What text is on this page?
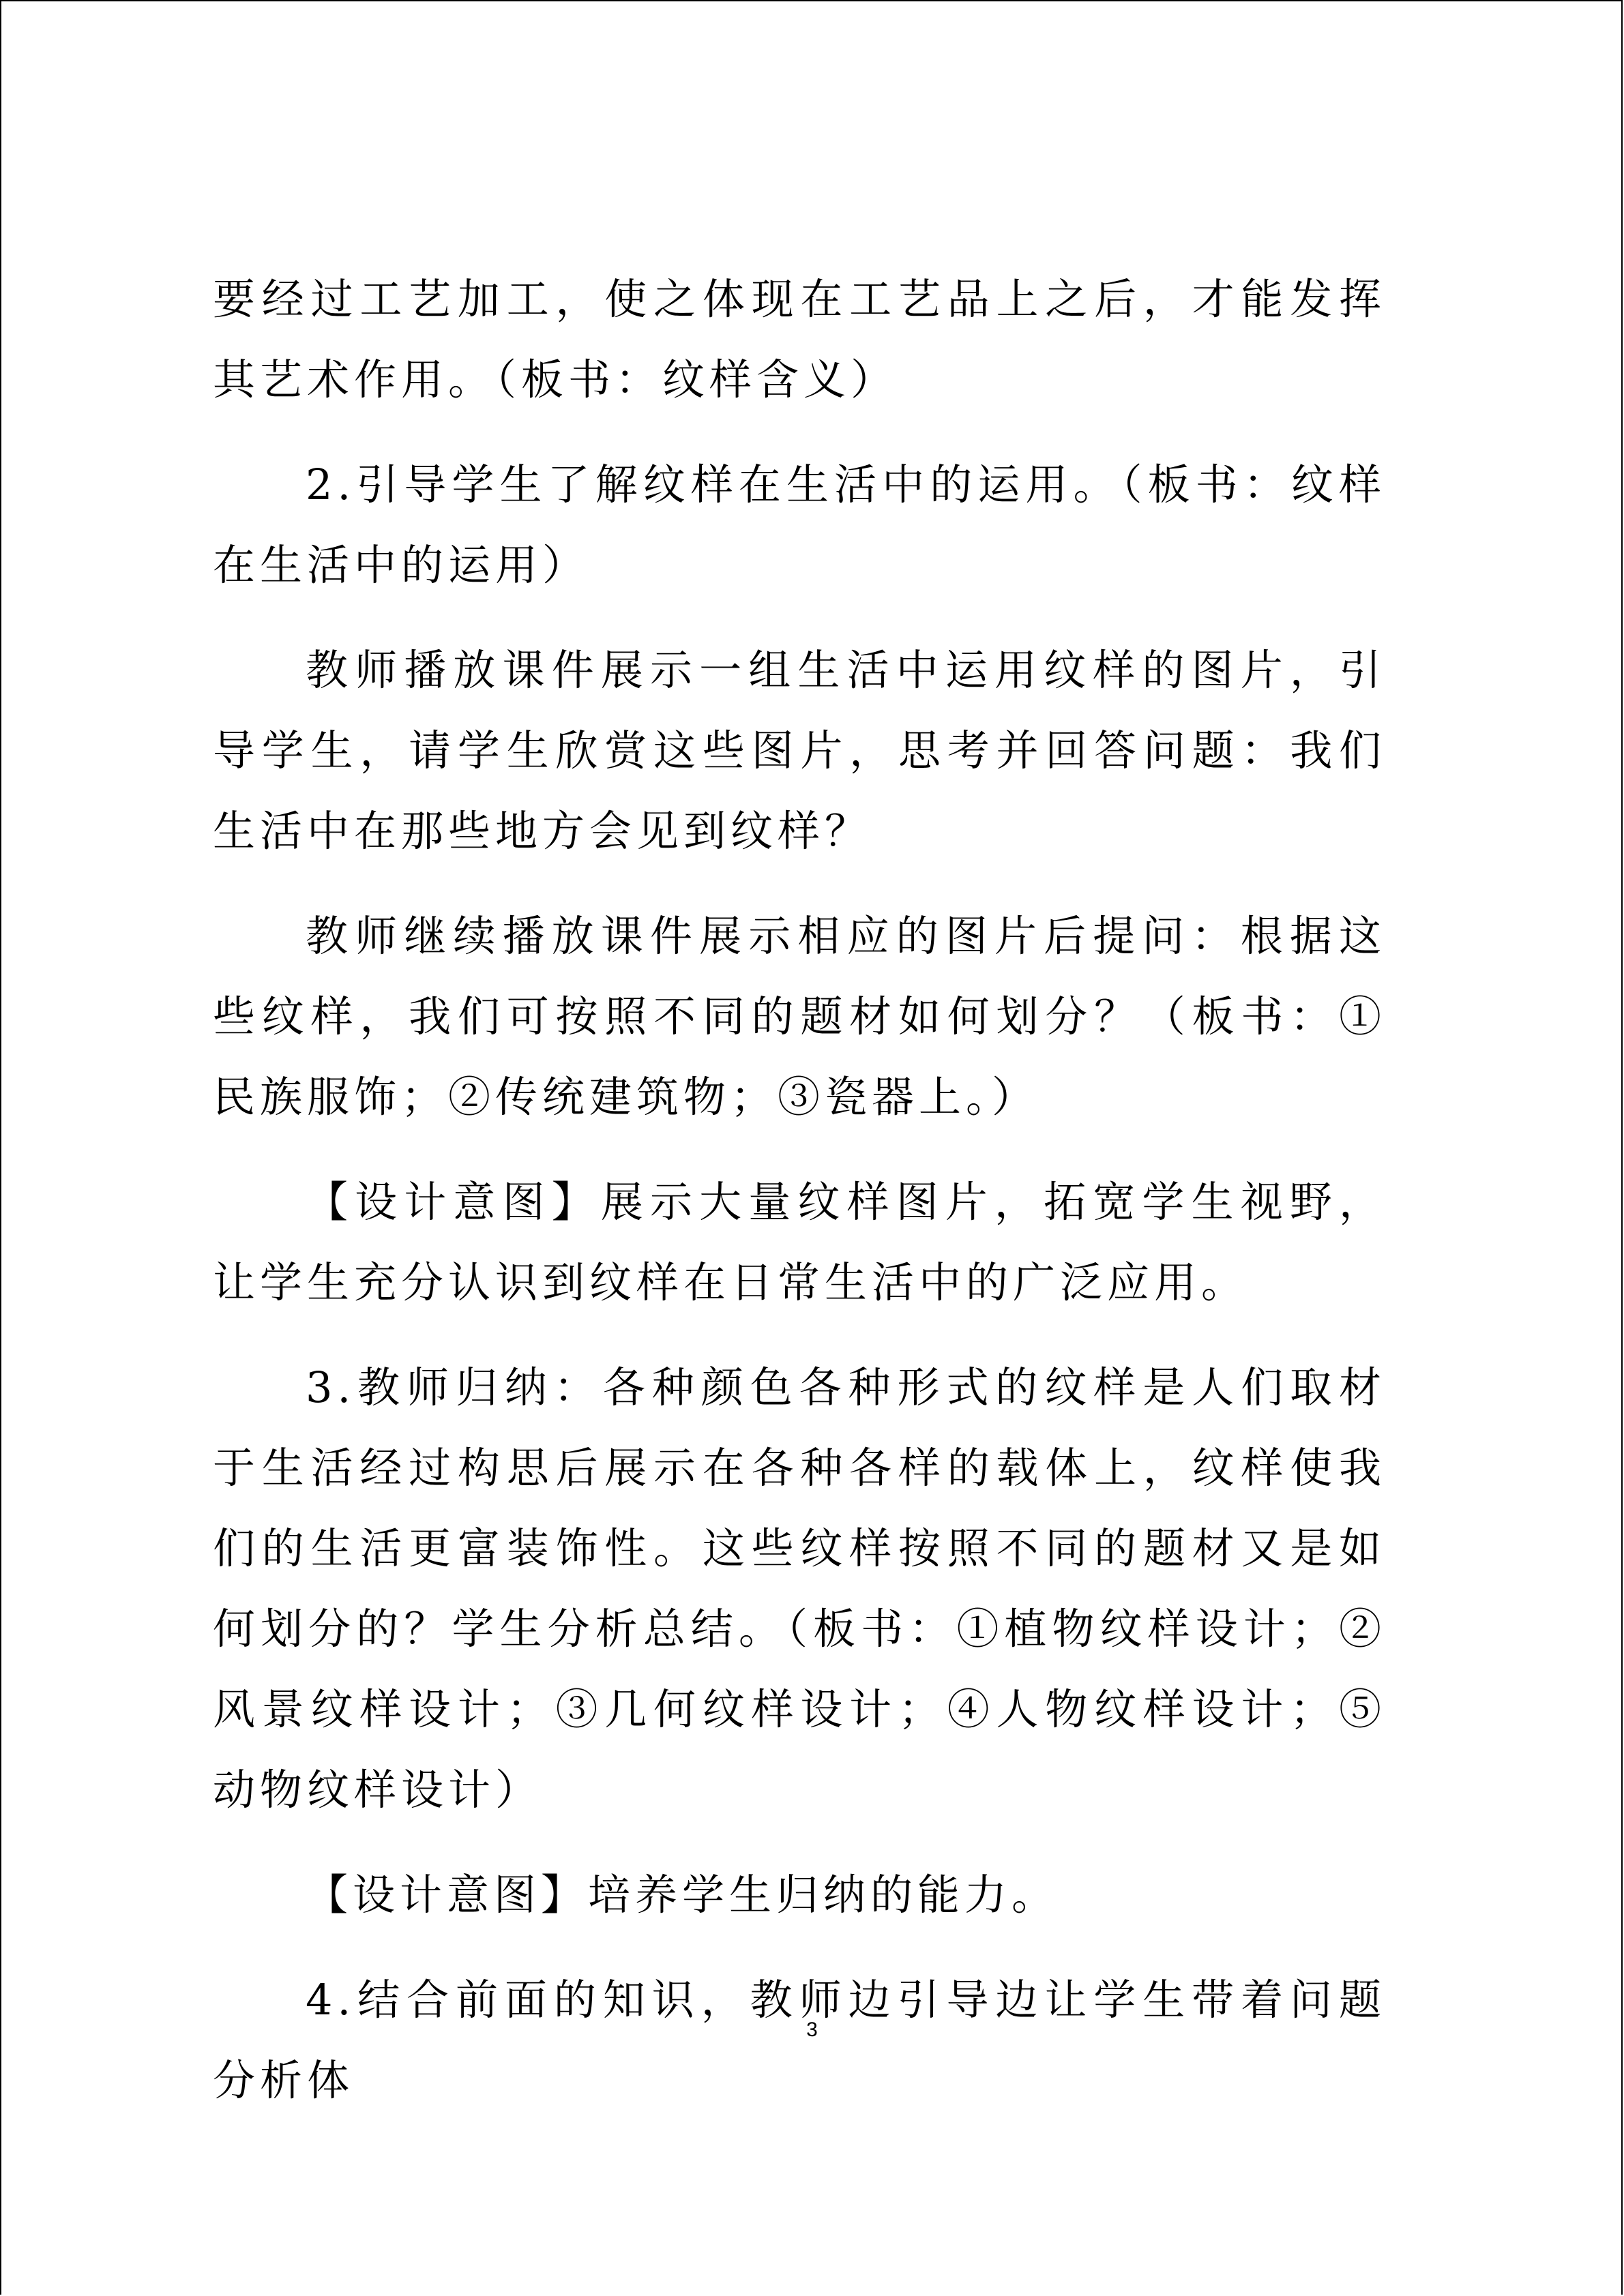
要经过工艺加工，使之体现在工艺品上之后，才能发挥其艺术作用。（板书：纹样含义）

2.引导学生了解纹样在生活中的运用。（板书：纹样在生活中的运用）

教师播放课件展示一组生活中运用纹样的图片，引导学生，请学生欣赏这些图片，思考并回答问题：我们生活中在那些地方会见到纹样？

教师继续播放课件展示相应的图片后提问：根据这些纹样，我们可按照不同的题材如何划分？（板书：①民族服饰；②传统建筑物；③瓷器上。）

【设计意图】展示大量纹样图片，拓宽学生视野，让学生充分认识到纹样在日常生活中的广泛应用。

3.教师归纳：各种颜色各种形式的纹样是人们取材于生活经过构思后展示在各种各样的载体上，纹样使我们的生活更富装饰性。这些纹样按照不同的题材又是如何划分的？学生分析总结。（板书：①植物纹样设计；②风景纹样设计；③几何纹样设计；④人物纹样设计；⑤动物纹样设计）

【设计意图】培养学生归纳的能力。

4.结合前面的知识，教师边引导边让学生带着问题分析体

3
